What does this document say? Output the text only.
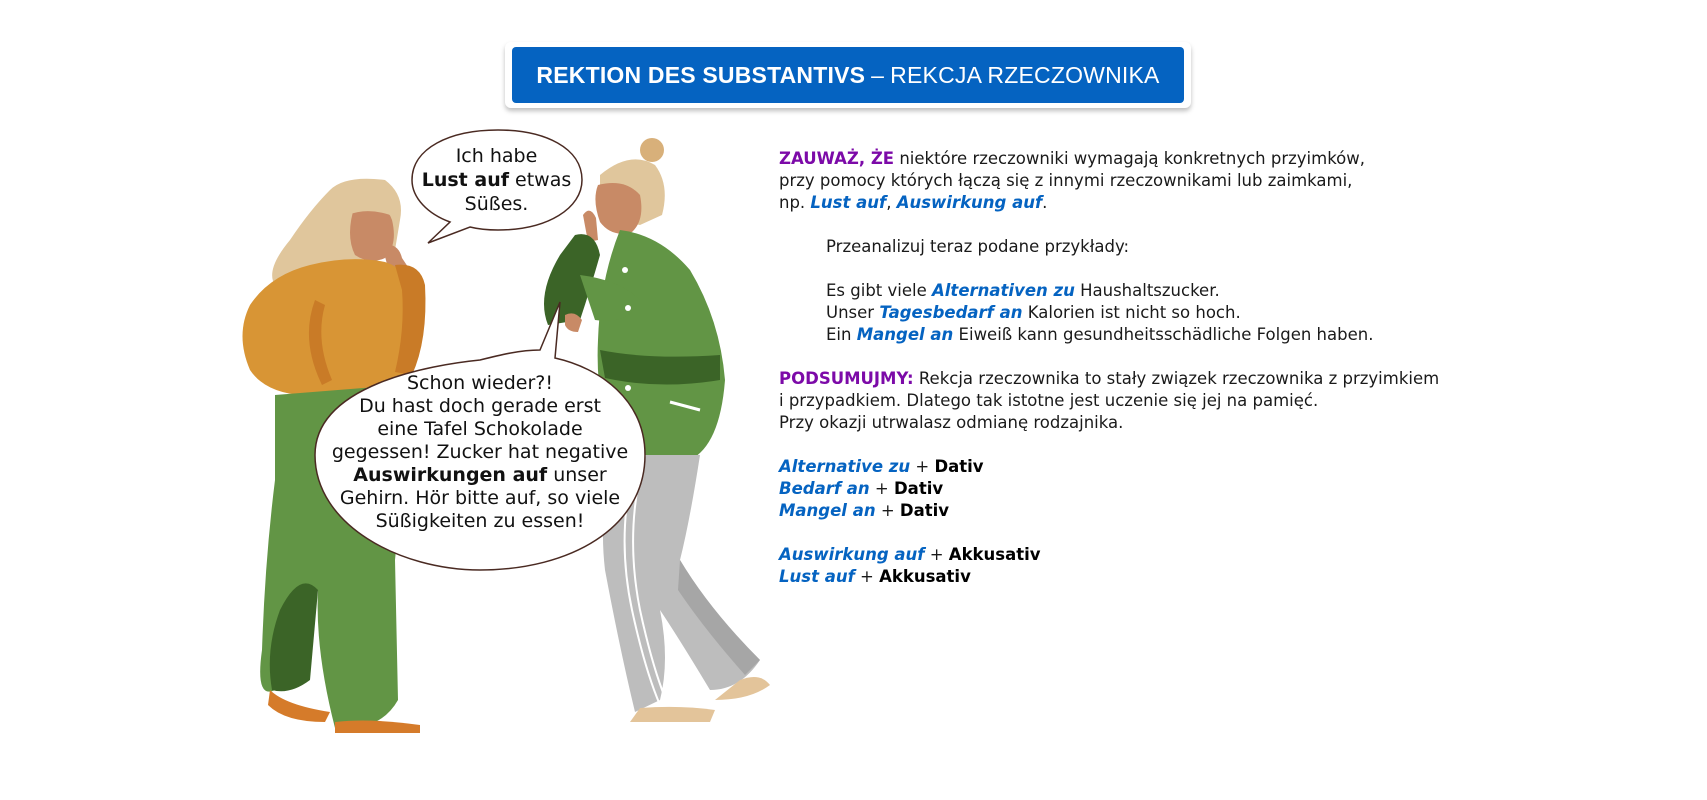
REKTION DES SUBSTANTIVS – REKCJA RZECZOWNIKA
Ich habe
Lust auf etwas
Süßes.
Schon wieder?!
Du hast doch gerade erst
eine Tafel Schokolade
gegessen! Zucker hat negative
Auswirkungen auf unser
Gehirn. Hör bitte auf, so viele
Süßigkeiten zu essen!

ZAUWAŻ, ŻE niektóre rzeczowniki wymagają konkretnych przyimków,

przy pomocy których łączą się z innymi rzeczownikami lub zaimkami,

np. Lust auf, Auswirkung auf.

Przeanalizuj teraz podane przykłady:

Es gibt viele Alternativen zu Haushaltszucker.

Unser Tagesbedarf an Kalorien ist nicht so hoch.

Ein Mangel an Eiweiß kann gesundheitsschädliche Folgen haben.

PODSUMUJMY: Rekcja rzeczownika to stały związek rzeczownika z przyimkiem

i przypadkiem. Dlatego tak istotne jest uczenie się jej na pamięć.

Przy okazji utrwalasz odmianę rodzajnika.

Alternative zu + Dativ

Bedarf an + Dativ

Mangel an + Dativ

Auswirkung auf + Akkusativ

Lust auf + Akkusativ
